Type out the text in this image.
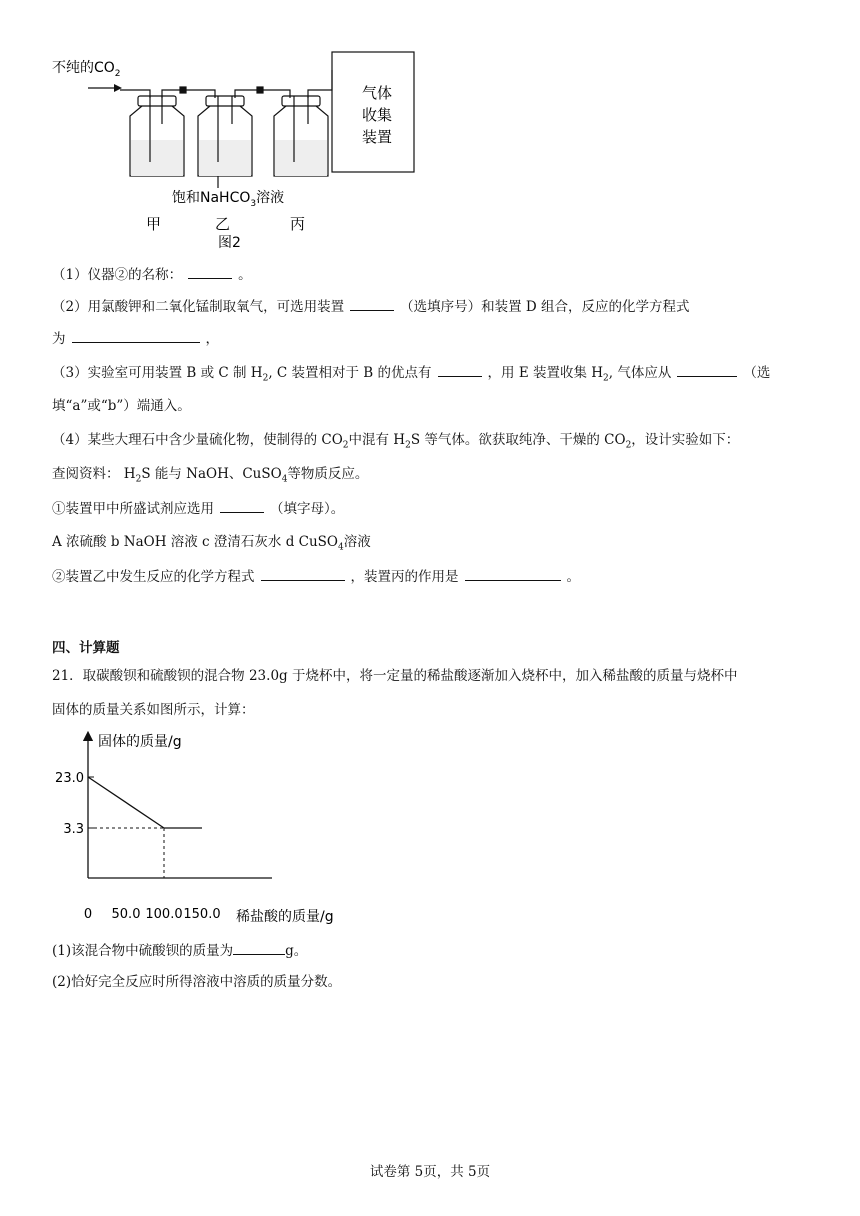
不纯的$CO_2$
气体
收集
装置
饱和NaHCO$_3$溶液
甲	乙	丙
图2
（1）仪器②的名称：	。
（2）用氯酸钾和二氧化锰制取氧气，可选用装置	（选填序号）和装置 D 组合，反应的化学方程式
为	，
（3）实验室可用装置 B 或 C 制 $H_2$, C 装置相对于 B 的优点有	，用 E 装置收集 $H_2$, 气体应从	（选
填“a”或“b”）端通入。
（4）某些大理石中含少量硫化物，使制得的 $CO_2$中混有 $H_2S$ 等气体。欲获取纯净、干燥的 $CO_2$，设计实验如下：
查阅资料： $H_2S$ 能与 NaOH、CuSO$_4$等物质反应。
①装置甲中所盛试剂应选用	（填字母）。
A 浓硫酸 b NaOH 溶液 c 澄清石灰水 d CuSO$_4$溶液
②装置乙中发生反应的化学方程式	，装置丙的作用是	。
四、计算题
21．取碳酸钡和硫酸钡的混合物 23.0g 于烧杯中，将一定量的稀盐酸逐渐加入烧杯中，加入稀盐酸的质量与烧杯中
固体的质量关系如图所示，计算：
固体的质量/g
稀盐酸的质量/g
0 50.0 100.0 150.0
23.0
3.3
(1)该混合物中硫酸钡的质量为	g。
(2)恰好完全反应时所得溶液中溶质的质量分数。
试卷第 5页，共 5页
